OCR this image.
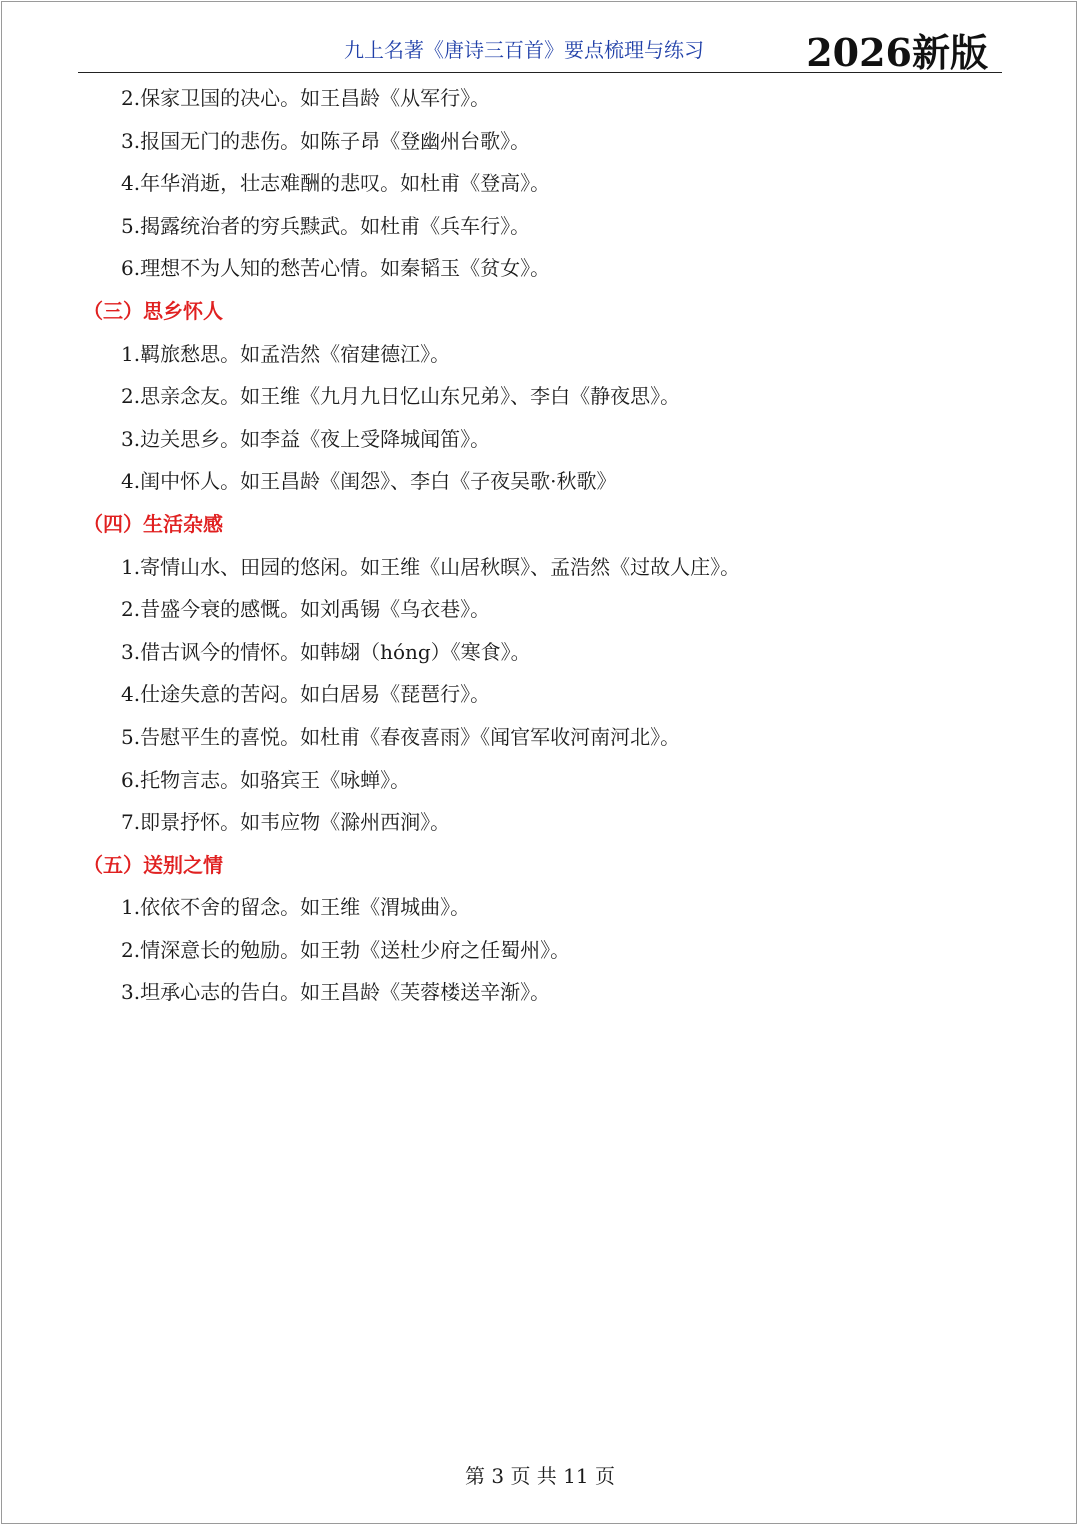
九上名著《唐诗三百首》要点梳理与练习	2026新版
2.保家卫国的决心。如王昌龄《从军行》。
3.报国无门的悲伤。如陈子昂《登幽州台歌》。
4.年华消逝，壮志难酬的悲叹。如杜甫《登高》。
5.揭露统治者的穷兵黩武。如杜甫《兵车行》。
6.理想不为人知的愁苦心情。如秦韬玉《贫女》。
（三）思乡怀人
1.羁旅愁思。如孟浩然《宿建德江》。
2.思亲念友。如王维《九月九日忆山东兄弟》、李白《静夜思》。
3.边关思乡。如李益《夜上受降城闻笛》。
4.闺中怀人。如王昌龄《闺怨》、李白《子夜吴歌·秋歌》
（四）生活杂感
1.寄情山水、田园的悠闲。如王维《山居秋暝》、孟浩然《过故人庄》。
2.昔盛今衰的感慨。如刘禹锡《乌衣巷》。
3.借古讽今的情怀。如韩翃（hóng）《寒食》。
4.仕途失意的苦闷。如白居易《琵琶行》。
5.告慰平生的喜悦。如杜甫《春夜喜雨》《闻官军收河南河北》。
6.托物言志。如骆宾王《咏蝉》。
7.即景抒怀。如韦应物《滁州西涧》。
（五）送别之情
1.依依不舍的留念。如王维《渭城曲》。
2.情深意长的勉励。如王勃《送杜少府之任蜀州》。
3.坦承心志的告白。如王昌龄《芙蓉楼送辛渐》。
第 3 页 共 11 页
